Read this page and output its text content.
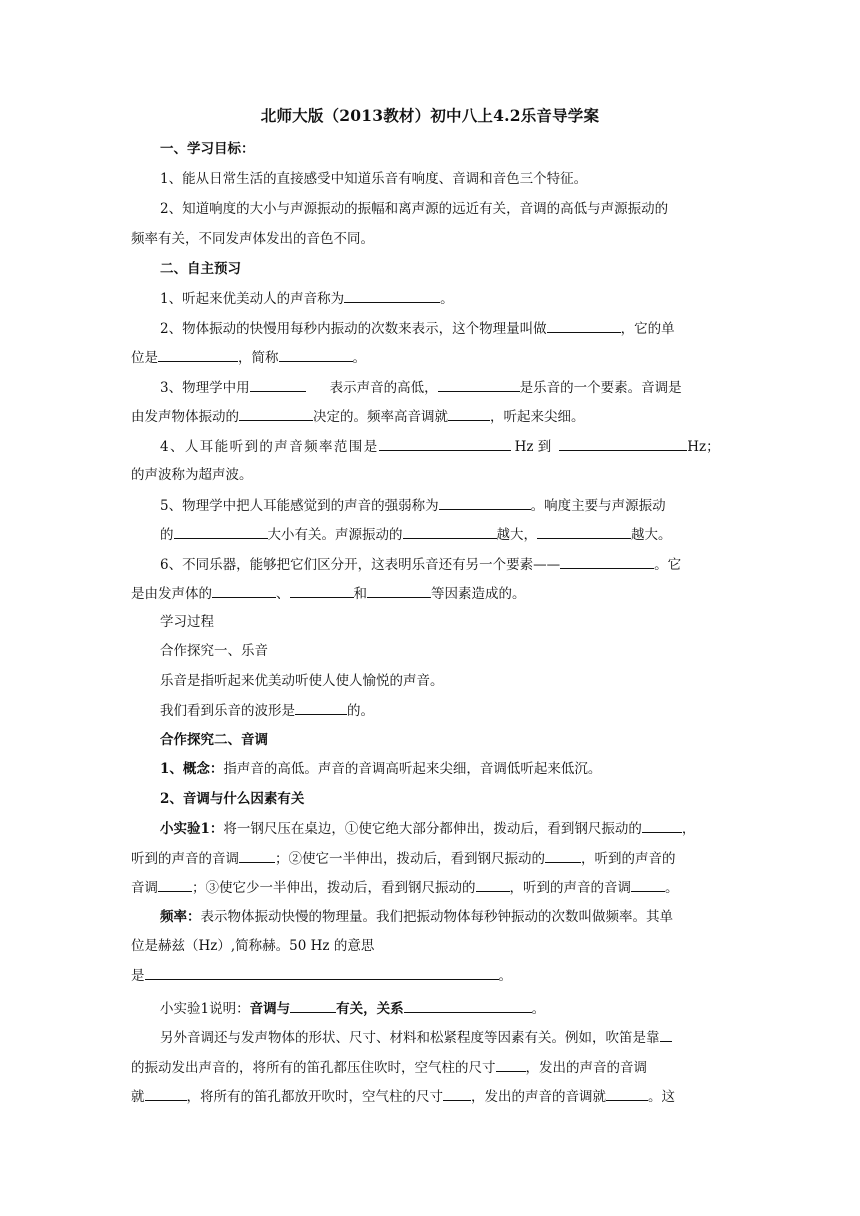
北师大版（2013教材）初中八上4.2乐音导学案
一、学习目标：
1、能从日常生活的直接感受中知道乐音有响度、音调和音色三个特征。
2、知道响度的大小与声源振动的振幅和离声源的远近有关，音调的高低与声源振动的
频率有关，不同发声体发出的音色不同。
二、自主预习
1、听起来优美动人的声音称为	。
2、物体振动的快慢用每秒内振动的次数来表示，这个物理量叫做	，它的单
位是	，简称	。
3、物理学中用	表示声音的高低，	是乐音的一个要素。音调是
由发声物体振动的	决定的。频率高音调就	，听起来尖细。
4、人耳能听到的声音频率范围是	Hz 到	Hz；
的声波称为超声波。
5、物理学中把人耳能感觉到的声音的强弱称为	。响度主要与声源振动
的	大小有关。声源振动的	越大，	越大。
6、不同乐器，能够把它们区分开，这表明乐音还有另一个要素——	。它
是由发声体的	、	和	等因素造成的。
学习过程
合作探究一、乐音
乐音是指听起来优美动听使人使人愉悦的声音。
我们看到乐音的波形是	的。
合作探究二、音调
1、概念：指声音的高低。声音的音调高听起来尖细，音调低听起来低沉。
2、音调与什么因素有关
小实验1：将一钢尺压在桌边，①使它绝大部分都伸出，拨动后，看到钢尺振动的	，
听到的声音的音调	；②使它一半伸出，拨动后，看到钢尺振动的	，听到的声音的
音调	；③使它少一半伸出，拨动后，看到钢尺振动的	，听到的声音的音调	。
频率：表示物体振动快慢的物理量。我们把振动物体每秒钟振动的次数叫做频率。其单
位是赫兹（Hz）,简称赫。50 Hz 的意思
是	。
小实验1说明：音调与	有关，关系	。
另外音调还与发声物体的形状、尺寸、材料和松紧程度等因素有关。例如，吹笛是靠
的振动发出声音的，将所有的笛孔都压住吹时，空气柱的尺寸 ，发出的声音的音调
就	，将所有的笛孔都放开吹时，空气柱的尺寸 ，发出的声音的音调就	。这
